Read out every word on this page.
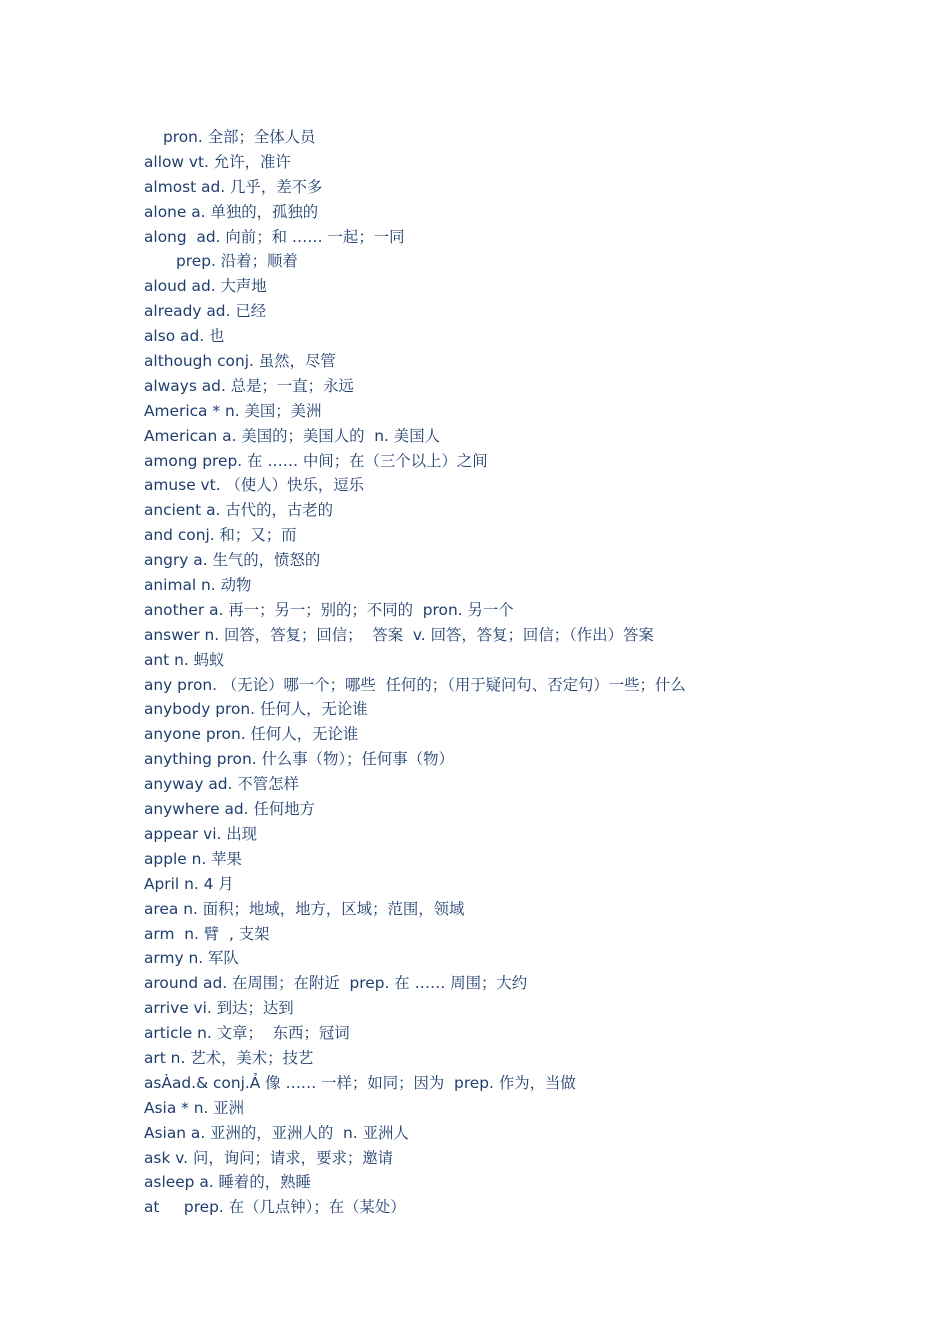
pron. 全部；全体人员
allow vt. 允许，准许
almost ad. 几乎，差不多
alone a. 单独的，孤独的
along  ad. 向前；和 …… 一起；一同
prep. 沿着；顺着
aloud ad. 大声地
already ad. 已经
also ad. 也
although conj. 虽然，尽管
always ad. 总是；一直；永远
America * n. 美国；美洲
American a. 美国的；美国人的  n. 美国人
among prep. 在 …… 中间；在（三个以上）之间
amuse vt. （使人）快乐，逗乐
ancient a. 古代的，古老的
and conj. 和；又；而
angry a. 生气的，愤怒的
animal n. 动物
another a. 再一；另一；别的；不同的  pron. 另一个
answer n. 回答，答复；回信；  答案  v. 回答，答复；回信；（作出）答案
ant n. 蚂蚁
any pron. （无论）哪一个；哪些  任何的；（用于疑问句、否定句）一些；什么
anybody pron. 任何人，无论谁
anyone pron. 任何人，无论谁
anything pron. 什么事（物）；任何事（物）
anyway ad. 不管怎样
anywhere ad. 任何地方
appear vi. 出现
apple n. 苹果
April n. 4 月
area n. 面积；地域，地方，区域；范围，领域
arm  n. 臂  , 支架
army n. 军队
around ad. 在周围；在附近  prep. 在 …… 周围；大约
arrive vi. 到达；达到
article n. 文章；  东西；冠词
art n. 艺术，美术；技艺
asÀad.& conj.Ả 像 …… 一样；如同；因为  prep. 作为，当做
Asia * n. 亚洲
Asian a. 亚洲的，亚洲人的  n. 亚洲人
ask v. 问，询问；请求，要求；邀请
asleep a. 睡着的，熟睡
at     prep. 在（几点钟）；在（某处）
